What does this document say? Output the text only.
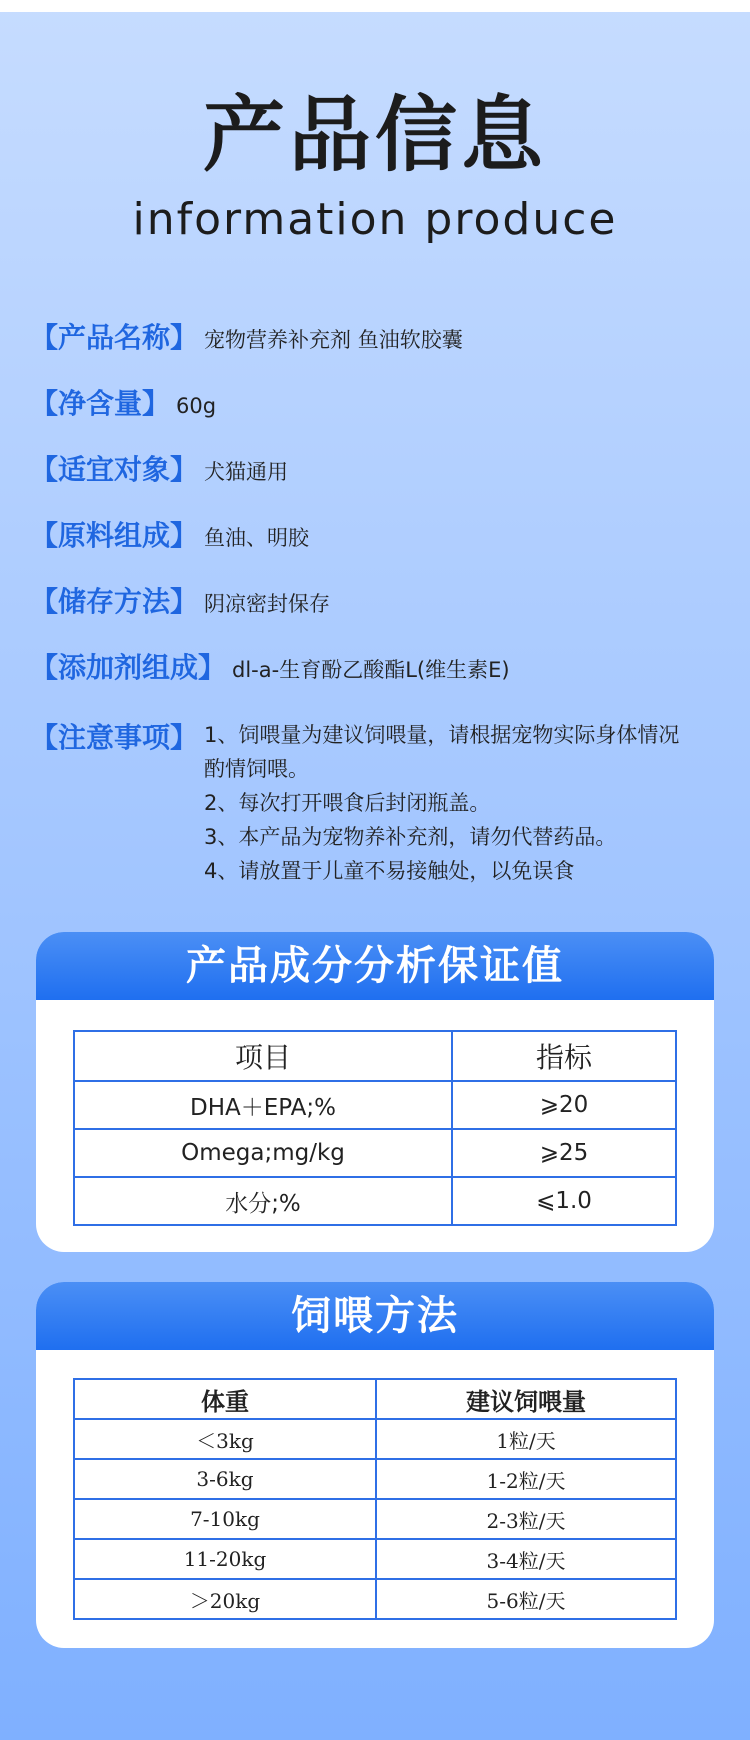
产品信息
information produce
【产品名称】 宠物营养补充剂 鱼油软胶囊
【净含量】 60g
【适宜对象】 犬猫通用
【原料组成】 鱼油、明胶
【储存方法】 阴凉密封保存
【添加剂组成】 dl-a-生育酚乙酸酯L(维生素E)
【注意事项】 1、饲喂量为建议饲喂量，请根据宠物实际身体情况
酌情饲喂。
2、每次打开喂食后封闭瓶盖。
3、本产品为宠物养补充剂，请勿代替药品。
4、请放置于儿童不易接触处，以免误食
产品成分分析保证值
项目	指标
DHA＋EPA;%	⩾20
Omega;mg/kg	⩾25
水分;%	⩽1.0
饲喂方法
体重	建议饲喂量
＜3kg	1粒/天
3-6kg	1-2粒/天
7-10kg	2-3粒/天
11-20kg	3-4粒/天
＞20kg	5-6粒/天
